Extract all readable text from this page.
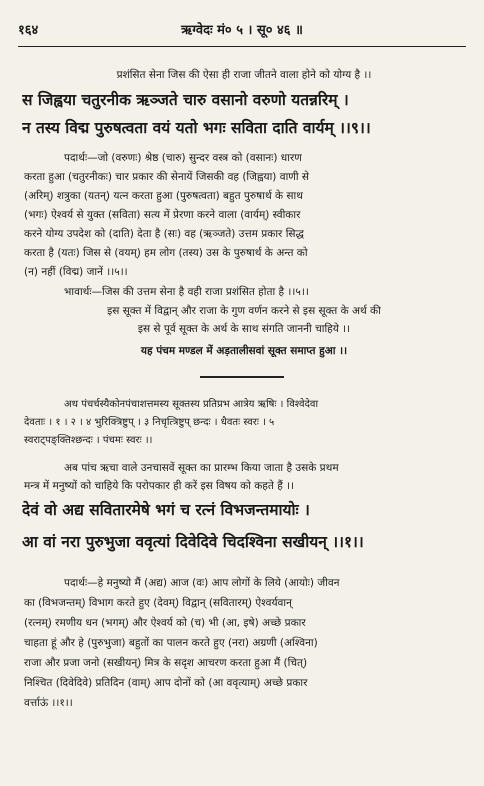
१६४	ऋग्वेदः मं० ५ । सू० ४६ ॥
प्रशंसित सेना जिस की ऐसा ही राजा जीतने वाला होने को योग्य है ।।
स जिह्वया चतुरनीक ऋञ्जते चारु वसानो वरुणो यतन्नरिम् ।
न तस्य विद्म पुरुषत्वता वयं यतो भगः सविता दाति वार्यम् ।।९।।
पदार्थः—जो (वरुणः) श्रेष्ठ (चारु) सुन्दर वस्त्र को (वसानः) धारण
करता हुआ (चतुरनीकः) चार प्रकार की सेनायें जिसकी वह (जिह्वया) वाणी से
(अरिम्) शत्रुका (यतन्) यत्न करता हुआ (पुरुषत्वता) बहुत पुरुषार्थ के साथ
(भगः) ऐश्वर्य से युक्त (सविता) सत्य में प्रेरणा करने वाला (वार्यम्) स्वीकार
करने योग्य उपदेश को (दाति) देता है (सः) वह (ऋञ्जते) उत्तम प्रकार सिद्ध
करता है (यतः) जिस से (वयम्) हम लोग (तस्य) उस के पुरुषार्थ के अन्त को
(न) नहीं (विद्म) जानें ।।५।।
भावार्थः—जिस की उत्तम सेना है वही राजा प्रशंसित होता है ।।५।।
इस सूक्त में विद्वान् और राजा के गुण वर्णन करने से इस सूक्त के अर्थ की
इस से पूर्व सूक्त के अर्थ के साथ संगति जाननी चाहिये ।।
यह पंचम मण्डल में अड़तालीसवां सूक्त समाप्त हुआ ।।
अथ पंचर्चस्यैकोनपंचाशत्तमस्य सूक्तस्य प्रतिप्रभ आत्रेय ऋषिः । विश्वेदेवा
देवताः । १ । २ । ४ भुरिक्त्रिष्टुप् । ३ निचृत्त्रिष्टुप् छन्दः । धैवतः स्वरः । ५
स्वराट्पङ्क्तिश्छन्दः । पंचमः स्वरः ।।
अब पांच ऋचा वाले उनचासवें सूक्त का प्रारम्भ किया जाता है उसके प्रथम
मन्त्र में मनुष्यों को चाहिये कि परोपकार ही करें इस विषय को कहते हैं ।।
देवं वो अद्य सवितारमेषे भगं च रत्नं विभजन्तमायोः ।
आ वां नरा पुरुभुजा ववृत्यां दिवेदिवे चिदश्विना सखीयन् ।।१।।
पदार्थः—हे मनुष्यो मैं (अद्य) आज (वः) आप लोगों के लिये (आयोः) जीवन
का (विभजन्तम्) विभाग करते हुए (देवम्) विद्वान् (सवितारम्) ऐश्वर्यवान्
(रत्नम्) रमणीय धन (भगम्) और ऐश्वर्य को (च) भी (आ, इषे) अच्छे प्रकार
चाहता हूं और हे (पुरुभुजा) बहुतों का पालन करते हुए (नरा) अग्रणी (अश्विना)
राजा और प्रजा जनो (सखीयन्) मित्र के सदृश आचरण करता हुआ मैं (चित्)
निश्चित (दिवेदिवे) प्रतिदिन (वाम्) आप दोनों को (आ ववृत्याम्) अच्छे प्रकार
वर्त्ताऊं ।।१।।
